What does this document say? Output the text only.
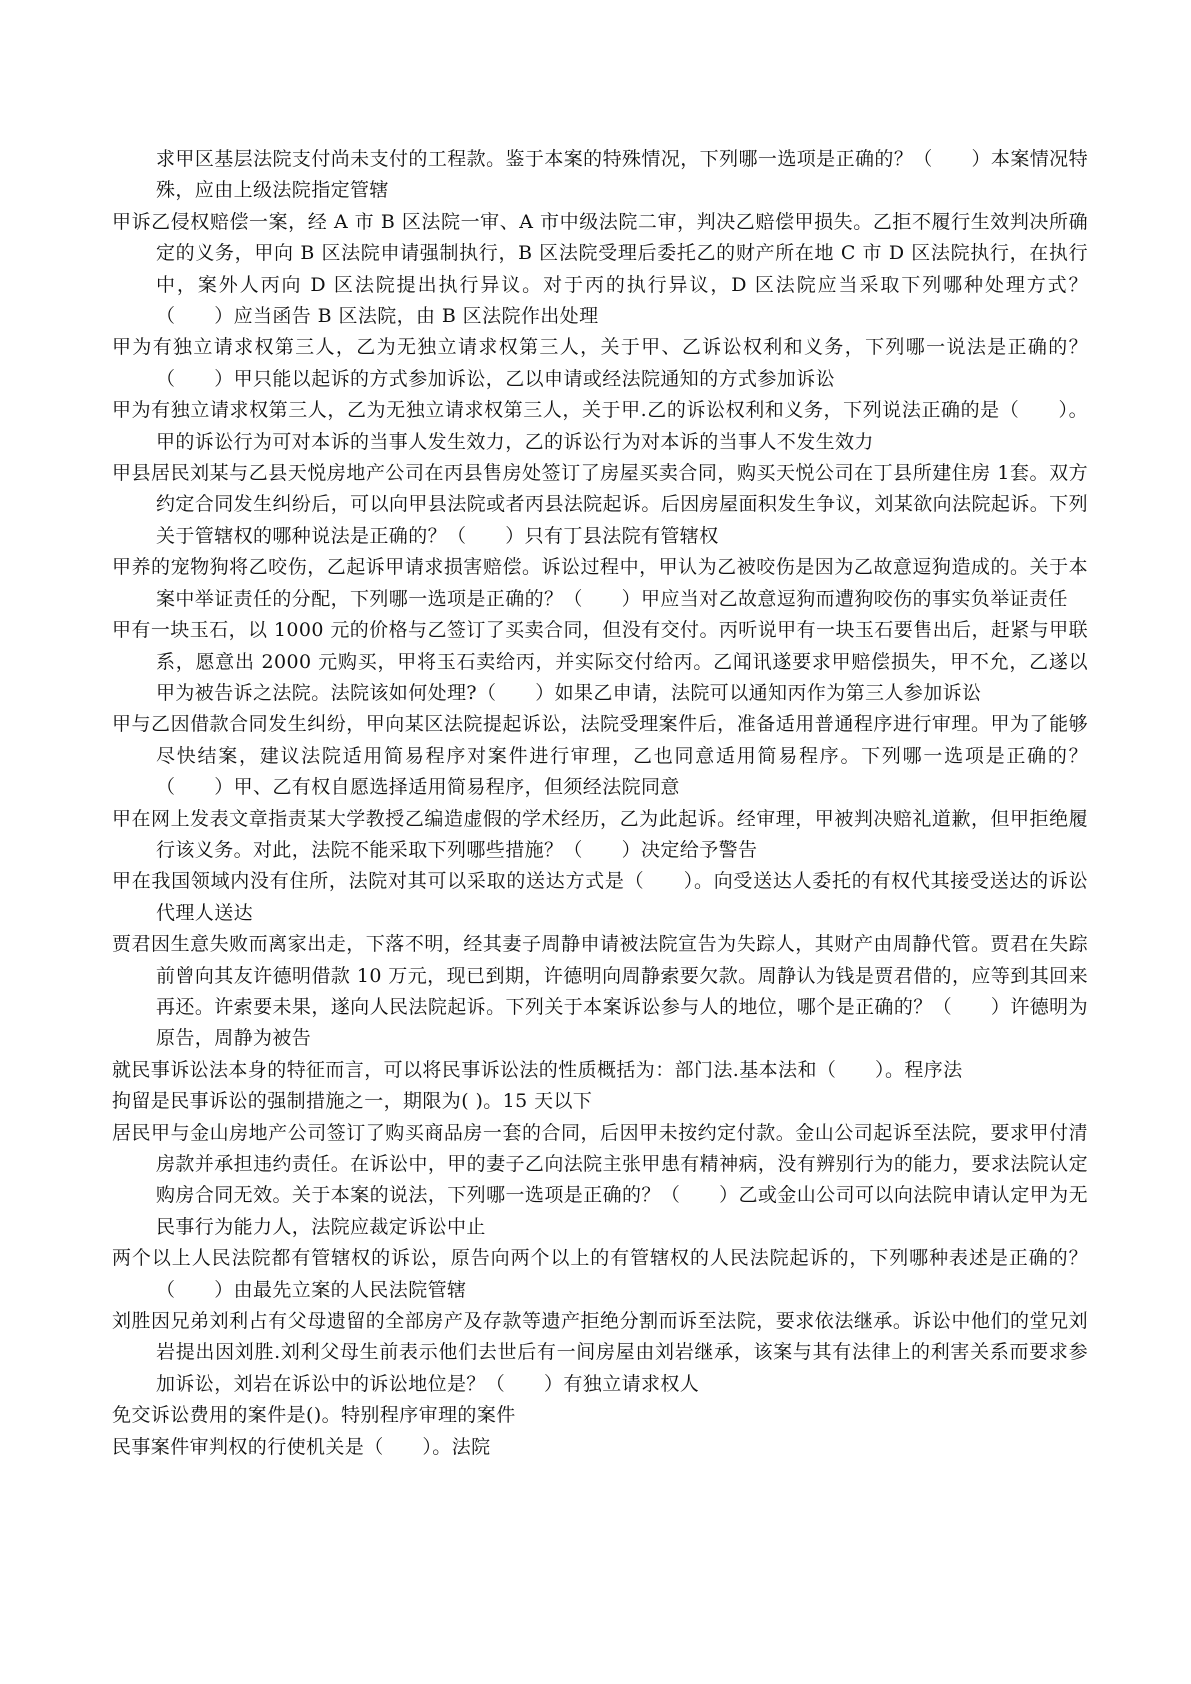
求甲区基层法院支付尚未支付的工程款。鉴于本案的特殊情况，下列哪一选项是正确的？（　　）本案情况特殊，应由上级法院指定管辖

甲诉乙侵权赔偿一案，经 A 市 B 区法院一审、A 市中级法院二审，判决乙赔偿甲损失。乙拒不履行生效判决所确定的义务，甲向 B 区法院申请强制执行，B 区法院受理后委托乙的财产所在地 C 市 D 区法院执行，在执行中，案外人丙向 D 区法院提出执行异议。对于丙的执行异议，D 区法院应当采取下列哪种处理方式？（　　）应当函告 B 区法院，由 B 区法院作出处理

甲为有独立请求权第三人，乙为无独立请求权第三人，关于甲、乙诉讼权利和义务，下列哪一说法是正确的？（　　）甲只能以起诉的方式参加诉讼，乙以申请或经法院通知的方式参加诉讼

甲为有独立请求权第三人，乙为无独立请求权第三人，关于甲.乙的诉讼权利和义务，下列说法正确的是（　　）。甲的诉讼行为可对本诉的当事人发生效力，乙的诉讼行为对本诉的当事人不发生效力

甲县居民刘某与乙县天悦房地产公司在丙县售房处签订了房屋买卖合同，购买天悦公司在丁县所建住房 1套。双方约定合同发生纠纷后，可以向甲县法院或者丙县法院起诉。后因房屋面积发生争议，刘某欲向法院起诉。下列关于管辖权的哪种说法是正确的？（　　）只有丁县法院有管辖权

甲养的宠物狗将乙咬伤，乙起诉甲请求损害赔偿。诉讼过程中，甲认为乙被咬伤是因为乙故意逗狗造成的。关于本案中举证责任的分配，下列哪一选项是正确的？（　　）甲应当对乙故意逗狗而遭狗咬伤的事实负举证责任

甲有一块玉石，以 1000 元的价格与乙签订了买卖合同，但没有交付。丙听说甲有一块玉石要售出后，赶紧与甲联系，愿意出 2000 元购买，甲将玉石卖给丙，并实际交付给丙。乙闻讯遂要求甲赔偿损失，甲不允，乙遂以甲为被告诉之法院。法院该如何处理?（　　）如果乙申请，法院可以通知丙作为第三人参加诉讼

甲与乙因借款合同发生纠纷，甲向某区法院提起诉讼，法院受理案件后，准备适用普通程序进行审理。甲为了能够尽快结案，建议法院适用简易程序对案件进行审理，乙也同意适用简易程序。下列哪一选项是正确的？（　　）甲、乙有权自愿选择适用简易程序，但须经法院同意

甲在网上发表文章指责某大学教授乙编造虚假的学术经历，乙为此起诉。经审理，甲被判决赔礼道歉，但甲拒绝履行该义务。对此，法院不能采取下列哪些措施？（　　）决定给予警告

甲在我国领域内没有住所，法院对其可以采取的送达方式是（　　）。向受送达人委托的有权代其接受送达的诉讼代理人送达

贾君因生意失败而离家出走，下落不明，经其妻子周静申请被法院宣告为失踪人，其财产由周静代管。贾君在失踪前曾向其友许德明借款 10 万元，现已到期，许德明向周静索要欠款。周静认为钱是贾君借的，应等到其回来再还。许索要未果，遂向人民法院起诉。下列关于本案诉讼参与人的地位，哪个是正确的？（　　）许德明为原告，周静为被告

就民事诉讼法本身的特征而言，可以将民事诉讼法的性质概括为：部门法.基本法和（　　）。程序法

拘留是民事诉讼的强制措施之一，期限为( )。15 天以下

居民甲与金山房地产公司签订了购买商品房一套的合同，后因甲未按约定付款。金山公司起诉至法院，要求甲付清房款并承担违约责任。在诉讼中，甲的妻子乙向法院主张甲患有精神病，没有辨别行为的能力，要求法院认定购房合同无效。关于本案的说法，下列哪一选项是正确的？（　　）乙或金山公司可以向法院申请认定甲为无民事行为能力人，法院应裁定诉讼中止

两个以上人民法院都有管辖权的诉讼，原告向两个以上的有管辖权的人民法院起诉的，下列哪种表述是正确的？（　　）由最先立案的人民法院管辖

刘胜因兄弟刘利占有父母遗留的全部房产及存款等遗产拒绝分割而诉至法院，要求依法继承。诉讼中他们的堂兄刘岩提出因刘胜.刘利父母生前表示他们去世后有一间房屋由刘岩继承，该案与其有法律上的利害关系而要求参加诉讼，刘岩在诉讼中的诉讼地位是？（　　）有独立请求权人

免交诉讼费用的案件是()。特别程序审理的案件

民事案件审判权的行使机关是（　　）。法院
